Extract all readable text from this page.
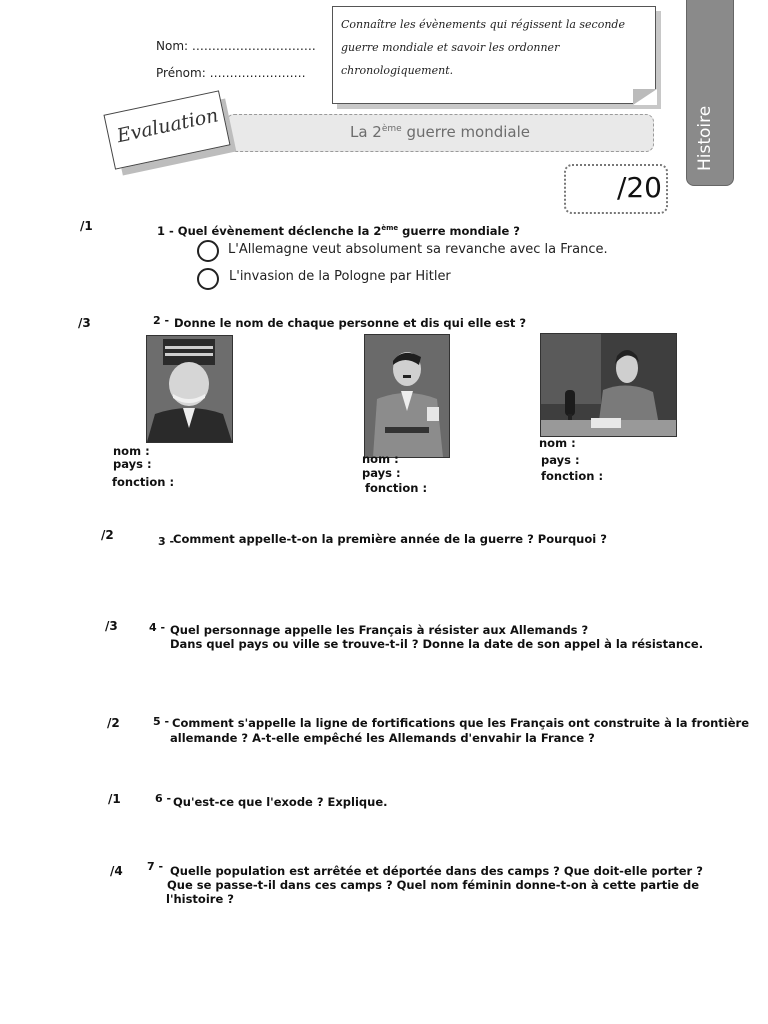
Nom: ………………………….
Prénom: ……………………
Connaître les évènements qui régissent la seconde guerre mondiale et savoir les ordonner chronologiquement.
La 2ème guerre mondiale
Evaluation	Histoire
/20
/1	1 - Quel évènement déclenche la 2ème guerre mondiale ?
L'Allemagne veut absolument sa revanche avec la France.
L'invasion de la Pologne par Hitler
/3	2 - Donne le nom de chaque personne et dis qui elle est ?
nom :
pays :
fonction :
nom :
pays :
fonction :
nom :
pays :
fonction :
/2	3 -
Comment appelle-t-on la première année de la guerre ? Pourquoi ?
/3	4 - Quel personnage appelle les Français à résister aux Allemands ?
Dans quel pays ou ville se trouve-t-il ? Donne la date de son appel à la résistance.
/2	5 - Comment s'appelle la ligne de fortifications que les Français ont construite à la frontière
allemande ? A-t-elle empêché les Allemands d'envahir la France ?
/1	6 - Qu'est-ce que l'exode ? Explique.
/4 7 - Quelle population est arrêtée et déportée dans des camps ? Que doit-elle porter ?
Que se passe-t-il dans ces camps ? Quel nom féminin donne-t-on à cette partie de
l'histoire ?
